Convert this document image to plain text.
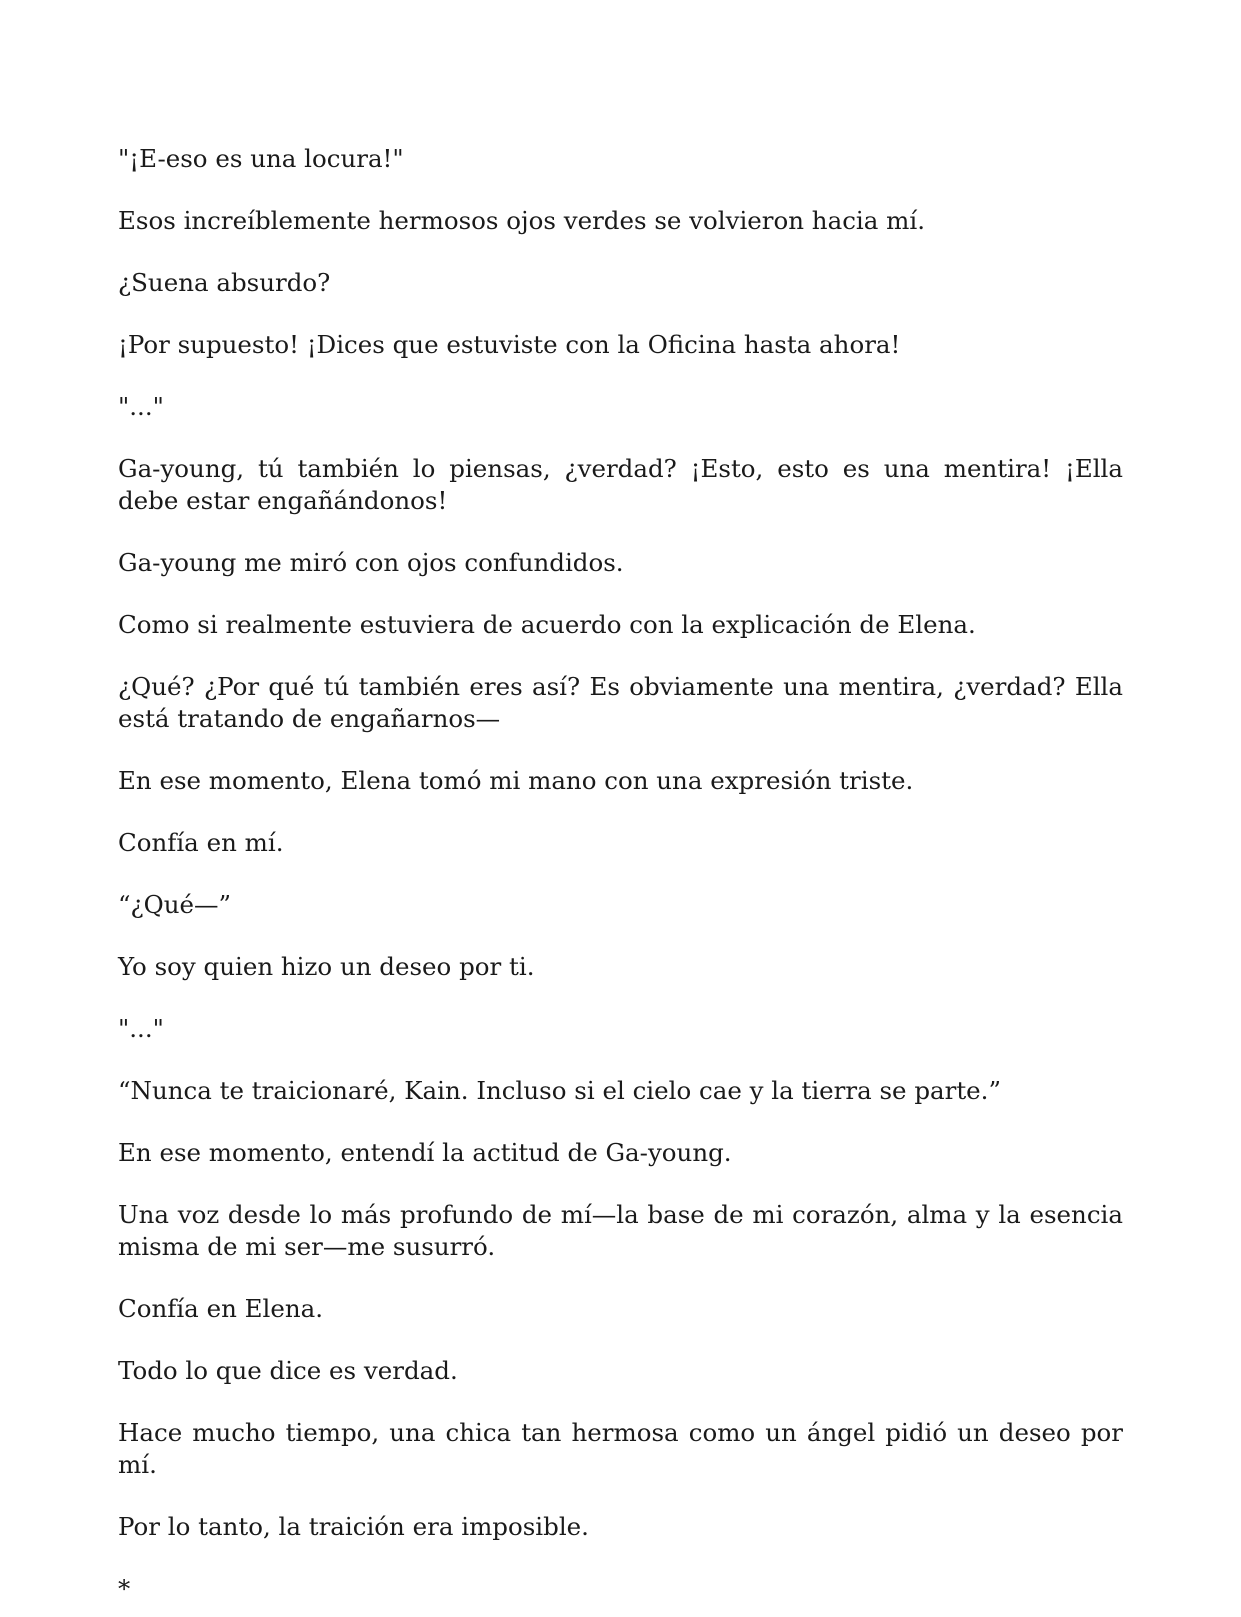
"¡E-eso es una locura!"

Esos increíblemente hermosos ojos verdes se volvieron hacia mí.

¿Suena absurdo?

¡Por supuesto! ¡Dices que estuviste con la Oficina hasta ahora!

"..."

Ga-young, tú también lo piensas, ¿verdad? ¡Esto, esto es una mentira! ¡Ella debe estar engañándonos!

Ga-young me miró con ojos confundidos.

Como si realmente estuviera de acuerdo con la explicación de Elena.

¿Qué? ¿Por qué tú también eres así? Es obviamente una mentira, ¿verdad? Ella está tratando de engañarnos—

En ese momento, Elena tomó mi mano con una expresión triste.

Confía en mí.

“¿Qué—”

Yo soy quien hizo un deseo por ti.

"..."

“Nunca te traicionaré, Kain. Incluso si el cielo cae y la tierra se parte.”

En ese momento, entendí la actitud de Ga-young.

Una voz desde lo más profundo de mí—la base de mi corazón, alma y la esencia misma de mi ser—me susurró.

Confía en Elena.

Todo lo que dice es verdad.

Hace mucho tiempo, una chica tan hermosa como un ángel pidió un deseo por mí.

Por lo tanto, la traición era imposible.

*
